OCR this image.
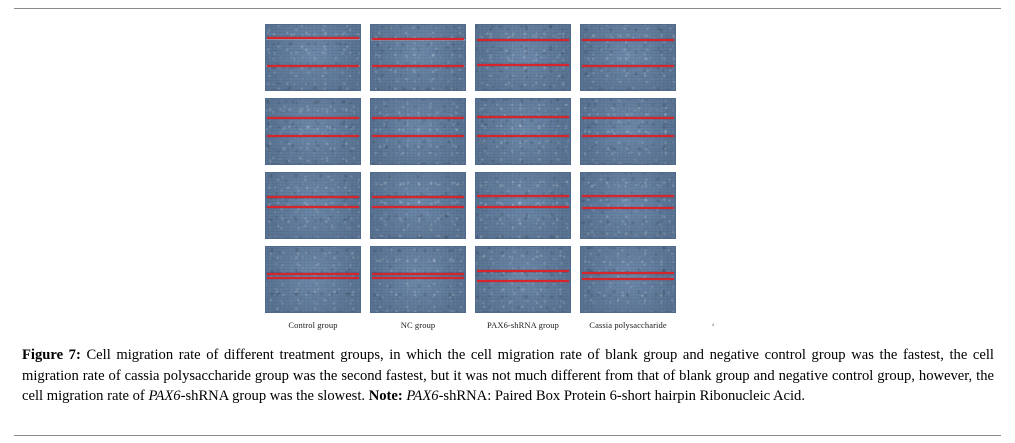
Control group	NC group	PAX6-shRNA group	Cassia polysaccharide	a
Figure 7: Cell migration rate of different treatment groups, in which the cell migration rate of blank group and negative control group was the fastest, the cell migration rate of cassia polysaccharide group was the second fastest, but it was not much different from that of blank group and negative control group, however, the cell migration rate of PAX6-shRNA group was the slowest. Note: PAX6-shRNA: Paired Box Protein 6-short hairpin Ribonucleic Acid.
